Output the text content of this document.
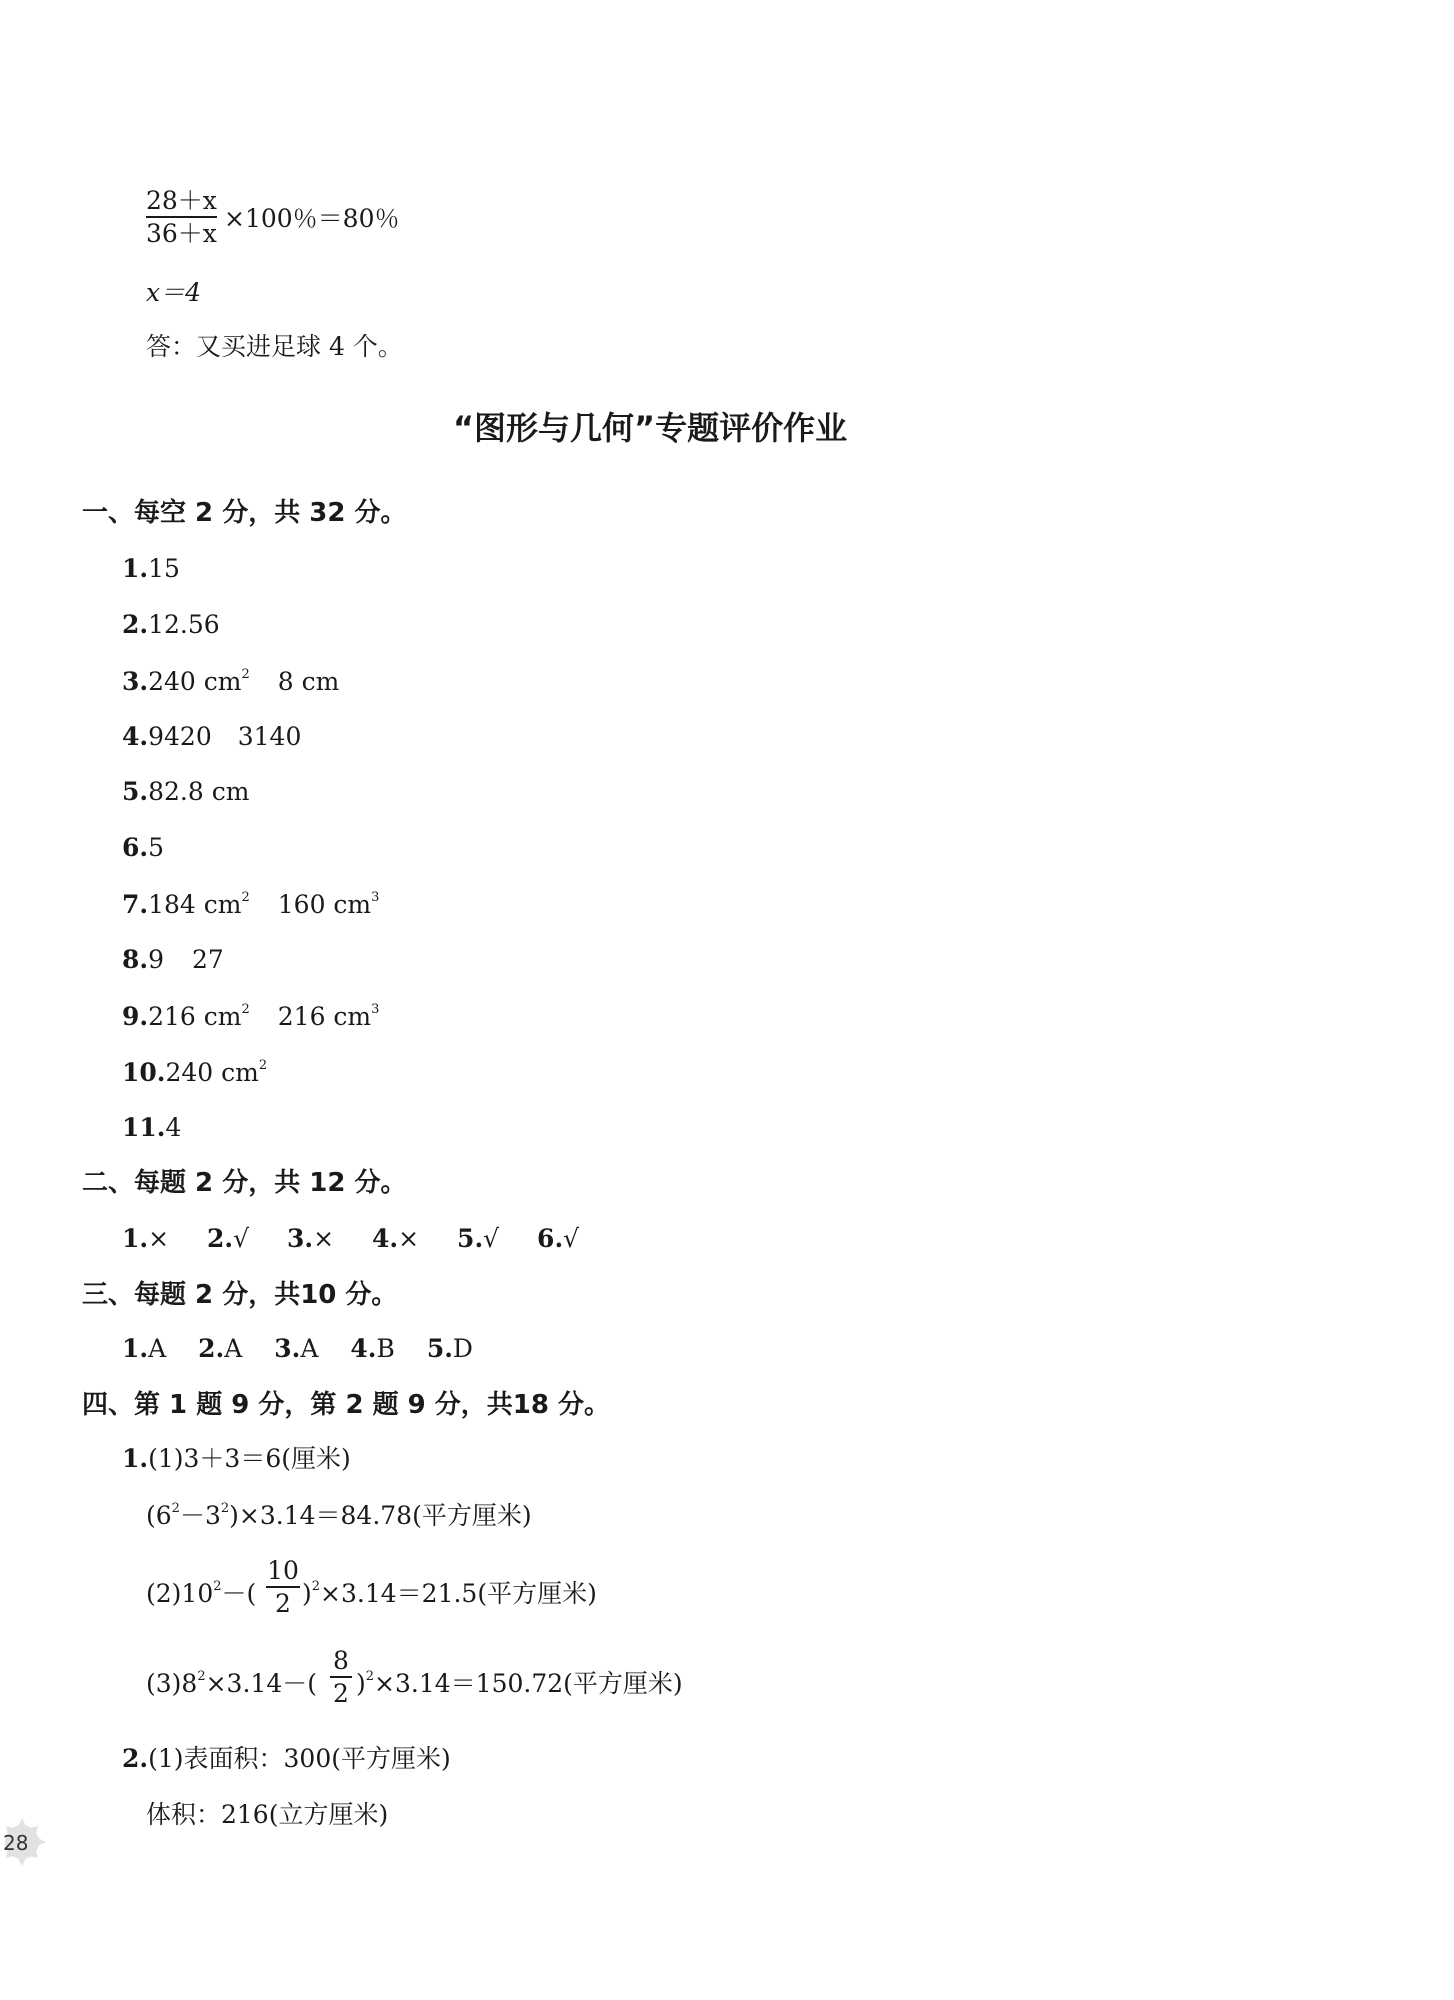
28＋x
36＋x
×100％＝80％
x＝4
答：又买进足球 4 个。
“图形与几何”专题评价作业
一、每空 2 分，共 32 分。
1.15
2.12.56
3.240 $cm^2$ 8 cm
4.9420 3140
5.82.8 cm
6.5
7.184 $cm^2$ 160 $cm^3$
8.9 27
9.216 $cm^2$ 216 $cm^3$
10.240 $cm^2$
11.4
二、每题 2 分，共 12 分。
1.× 2.√ 3.× 4.× 5.√ 6.√
三、每题 2 分，共10 分。
1.A 2.A 3.A 4.B 5.D
四、第 1 题 9 分，第 2 题 9 分，共18 分。
1.(1)3＋3＝6(厘米)
$(6^2-3^2)\times 3.14=84.78$(平方厘米)
$(2)10^2-$(
10
2 )$^2$×3.14＝21.5(平方厘米)
$(3)8^2\times 3.14-$(
8
2 )$^2$×3.14＝150.72(平方厘米)
2.(1)表面积：300(平方厘米)
体积：216(立方厘米)
28
